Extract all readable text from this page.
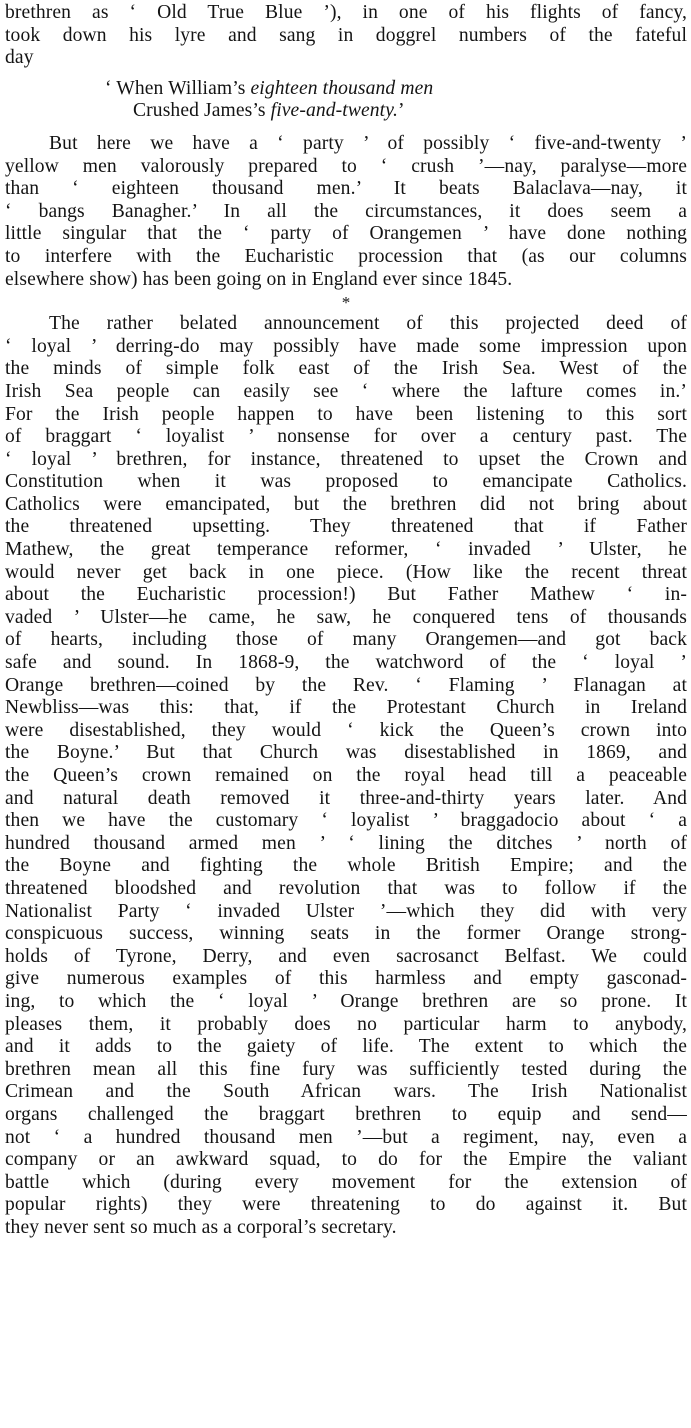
brethren as ‘ Old True Blue ’), in one of his flights of fancy,
took down his lyre and sang in doggrel numbers of the fateful
day

‘ When William’s eighteen thousand men
Crushed James’s five-and-twenty.’

But here we have a ‘ party ’ of possibly ‘ five-and-twenty ’
yellow men valorously prepared to ‘ crush ’—nay, paralyse—more
than ‘ eighteen thousand men.’ It beats Balaclava—nay, it
‘ bangs Banagher.’ In all the circumstances, it does seem a
little singular that the ‘ party of Orangemen ’ have done nothing
to interfere with the Eucharistic procession that (as our columns
elsewhere show) has been going on in England ever since 1845.

*

The rather belated announcement of this projected deed of
‘ loyal ’ derring-do may possibly have made some impression upon
the minds of simple folk east of the Irish Sea. West of the
Irish Sea people can easily see ‘ where the lafture comes in.’
For the Irish people happen to have been listening to this sort
of braggart ‘ loyalist ’ nonsense for over a century past. The
‘ loyal ’ brethren, for instance, threatened to upset the Crown and
Constitution when it was proposed to emancipate Catholics.
Catholics were emancipated, but the brethren did not bring about
the threatened upsetting. They threatened that if Father
Mathew, the great temperance reformer, ‘ invaded ’ Ulster, he
would never get back in one piece. (How like the recent threat
about the Eucharistic procession!) But Father Mathew ‘ in-
vaded ’ Ulster—he came, he saw, he conquered tens of thousands
of hearts, including those of many Orangemen—and got back
safe and sound. In 1868-9, the watchword of the ‘ loyal ’
Orange brethren—coined by the Rev. ‘ Flaming ’ Flanagan at
Newbliss—was this: that, if the Protestant Church in Ireland
were disestablished, they would ‘ kick the Queen’s crown into
the Boyne.’ But that Church was disestablished in 1869, and
the Queen’s crown remained on the royal head till a peaceable
and natural death removed it three-and-thirty years later. And
then we have the customary ‘ loyalist ’ braggadocio about ‘ a
hundred thousand armed men ’ ‘ lining the ditches ’ north of
the Boyne and fighting the whole British Empire; and the
threatened bloodshed and revolution that was to follow if the
Nationalist Party ‘ invaded Ulster ’—which they did with very
conspicuous success, winning seats in the former Orange strong-
holds of Tyrone, Derry, and even sacrosanct Belfast. We could
give numerous examples of this harmless and empty gasconad-
ing, to which the ‘ loyal ’ Orange brethren are so prone. It
pleases them, it probably does no particular harm to anybody,
and it adds to the gaiety of life. The extent to which the
brethren mean all this fine fury was sufficiently tested during the
Crimean and the South African wars. The Irish Nationalist
organs challenged the braggart brethren to equip and send—
not ‘ a hundred thousand men ’—but a regiment, nay, even a
company or an awkward squad, to do for the Empire the valiant
battle which (during every movement for the extension of
popular rights) they were threatening to do against it. But
they never sent so much as a corporal’s secretary.
